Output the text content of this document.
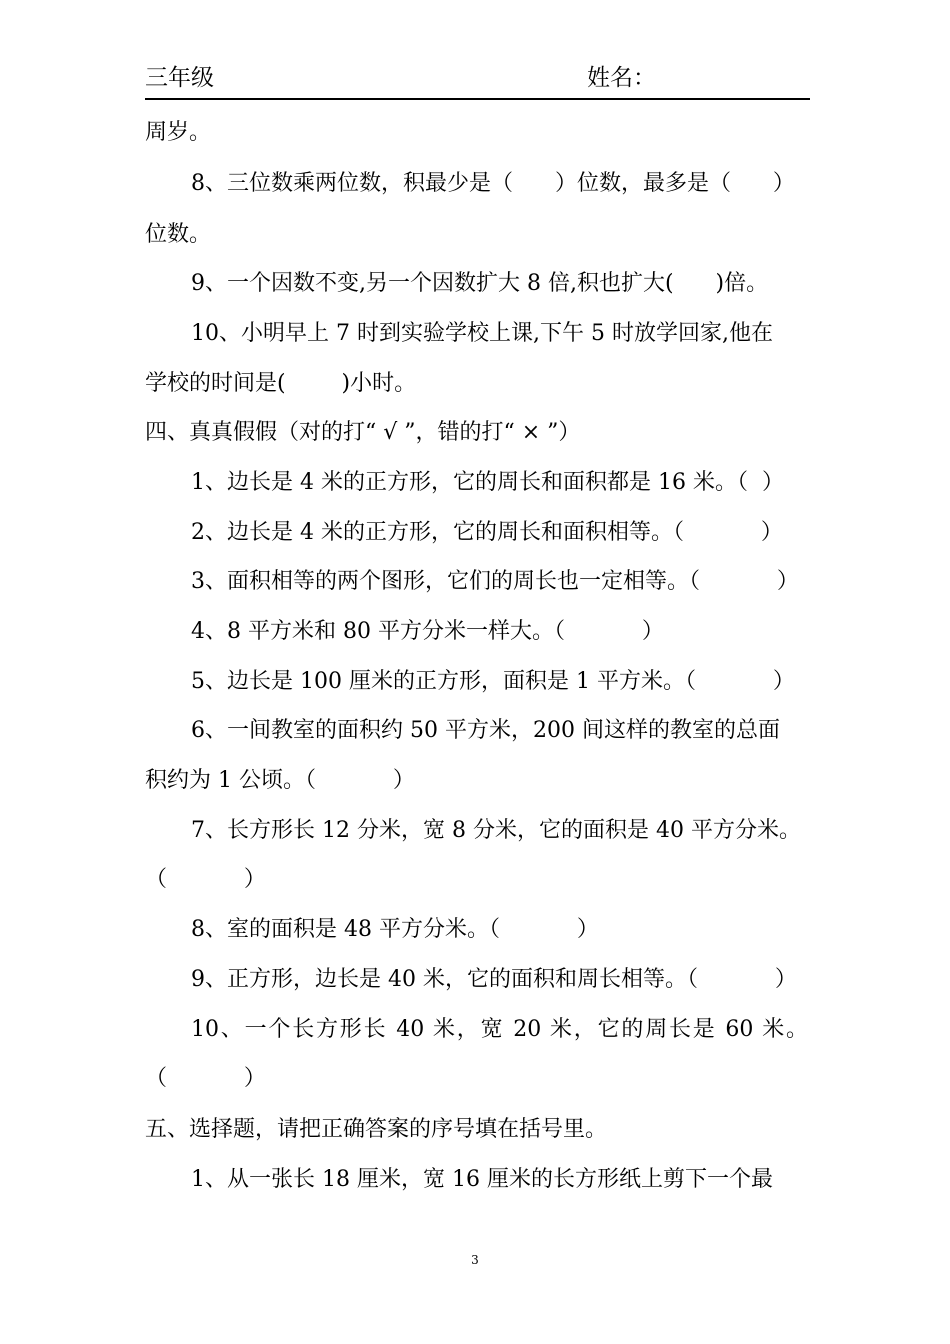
三年级	姓名：
周岁。
8、三位数乘两位数，积最少是（      ）位数，最多是（      ）
位数。
9、一个因数不变,另一个因数扩大 8 倍,积也扩大(      )倍。
10、小明早上 7 时到实验学校上课,下午 5 时放学回家,他在
学校的时间是(        )小时。
四、真真假假（对的打“ √ ”，错的打“ × ”）
1、边长是 4 米的正方形，它的周长和面积都是 16 米。（  ）
2、边长是 4 米的正方形，它的周长和面积相等。（           ）
3、面积相等的两个图形，它们的周长也一定相等。（           ）
4、8 平方米和 80 平方分米一样大。（           ）
5、边长是 100 厘米的正方形，面积是 1 平方米。（           ）
6、一间教室的面积约 50 平方米，200 间这样的教室的总面
积约为 1 公顷。（           ）
7、长方形长 12 分米，宽 8 分米，它的面积是 40 平方分米。
（           ）
8、室的面积是 48 平方分米。（           ）
9、正方形，边长是 40 米，它的面积和周长相等。（           ）
10、一个长方形长 40 米，宽 20 米，它的周长是 60 米。
（           ）
五、选择题，请把正确答案的序号填在括号里。
1、从一张长 18 厘米，宽 16 厘米的长方形纸上剪下一个最
3
